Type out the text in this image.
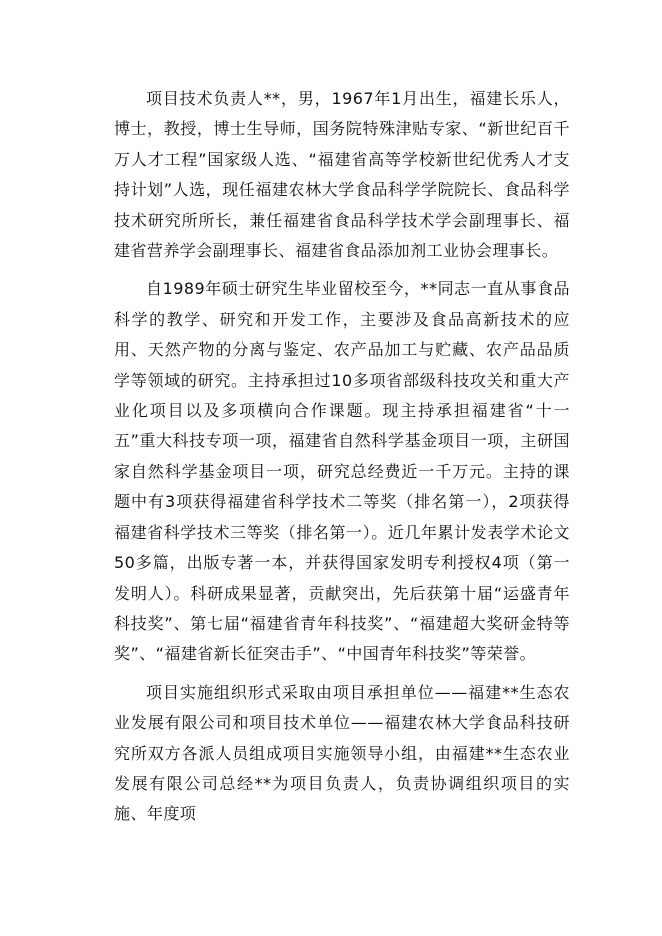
项目技术负责人**，男，1967年1月出生，福建长乐人，博士，教授，博士生导师，国务院特殊津贴专家、“新世纪百千万人才工程”国家级人选、“福建省高等学校新世纪优秀人才支持计划”人选，现任福建农林大学食品科学学院院长、食品科学技术研究所所长，兼任福建省食品科学技术学会副理事长、福建省营养学会副理事长、福建省食品添加剂工业协会理事长。

自1989年硕士研究生毕业留校至今，**同志一直从事食品科学的教学、研究和开发工作，主要涉及食品高新技术的应用、天然产物的分离与鉴定、农产品加工与贮藏、农产品品质学等领域的研究。主持承担过10多项省部级科技攻关和重大产业化项目以及多项横向合作课题。现主持承担福建省“十一五”重大科技专项一项，福建省自然科学基金项目一项，主研国家自然科学基金项目一项，研究总经费近一千万元。主持的课题中有3项获得福建省科学技术二等奖（排名第一），2项获得福建省科学技术三等奖（排名第一）。近几年累计发表学术论文50多篇，出版专著一本，并获得国家发明专利授权4项（第一发明人）。科研成果显著，贡献突出，先后获第十届“运盛青年科技奖”、第七届“福建省青年科技奖”、“福建超大奖研金特等奖”、“福建省新长征突击手”、“中国青年科技奖”等荣誉。

项目实施组织形式采取由项目承担单位——福建**生态农业发展有限公司和项目技术单位——福建农林大学食品科技研究所双方各派人员组成项目实施领导小组，由福建**生态农业发展有限公司总经**为项目负责人，负责协调组织项目的实施、年度项
